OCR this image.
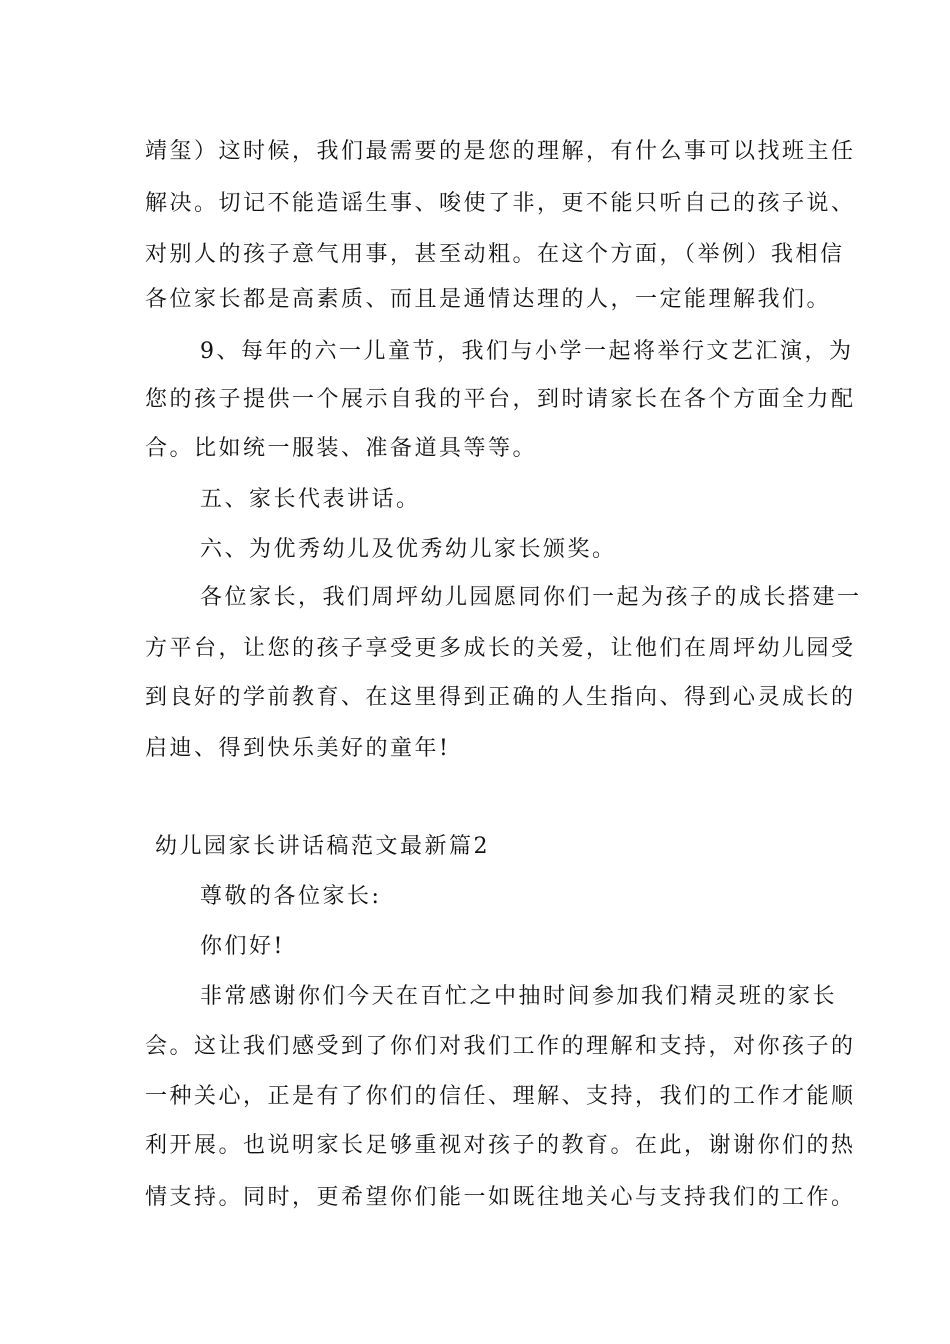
靖玺）这时候，我们最需要的是您的理解，有什么事可以找班主任
解决。切记不能造谣生事、唆使了非，更不能只听自己的孩子说、
对别人的孩子意气用事，甚至动粗。在这个方面，（举例）我相信
各位家长都是高素质、而且是通情达理的人，一定能理解我们。
9、每年的六一儿童节，我们与小学一起将举行文艺汇演，为
您的孩子提供一个展示自我的平台，到时请家长在各个方面全力配
合。比如统一服装、准备道具等等。
五、家长代表讲话。
六、为优秀幼儿及优秀幼儿家长颁奖。
各位家长，我们周坪幼儿园愿同你们一起为孩子的成长搭建一
方平台，让您的孩子享受更多成长的关爱，让他们在周坪幼儿园受
到良好的学前教育、在这里得到正确的人生指向、得到心灵成长的
启迪、得到快乐美好的童年!
幼儿园家长讲话稿范文最新篇2
尊敬的各位家长:
你们好!
非常感谢你们今天在百忙之中抽时间参加我们精灵班的家长
会。这让我们感受到了你们对我们工作的理解和支持，对你孩子的
一种关心，正是有了你们的信任、理解、支持，我们的工作才能顺
利开展。也说明家长足够重视对孩子的教育。在此，谢谢你们的热
情支持。同时，更希望你们能一如既往地关心与支持我们的工作。
